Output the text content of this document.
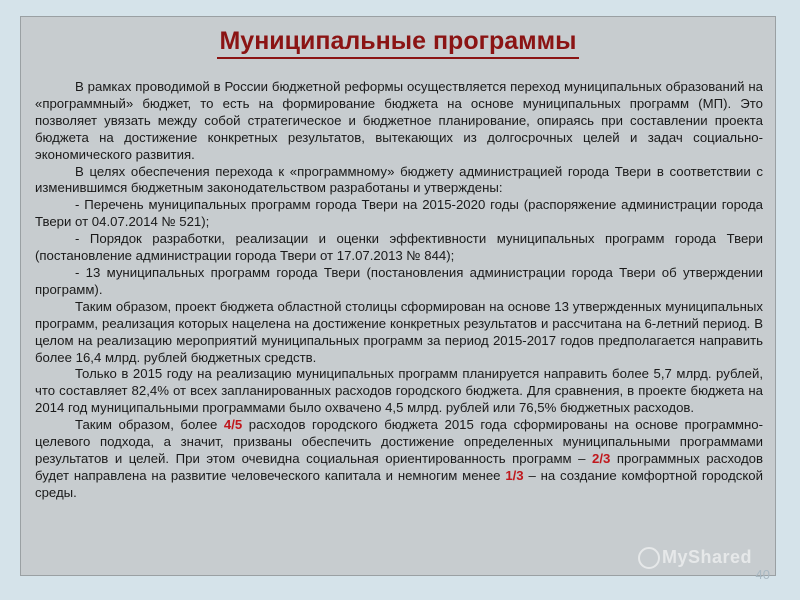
Муниципальные программы

В рамках проводимой в России бюджетной реформы осуществляется переход муниципальных образований на «программный» бюджет, то есть на формирование бюджета на основе муниципальных программ (МП). Это позволяет увязать между собой стратегическое и бюджетное планирование, опираясь при составлении проекта бюджета на достижение конкретных результатов, вытекающих из долгосрочных целей и задач социально-экономического развития.

В целях обеспечения перехода к «программному» бюджету администрацией города Твери в соответствии с изменившимся бюджетным законодательством разработаны и утверждены:

- Перечень муниципальных программ города Твери на 2015-2020 годы (распоряжение администрации города Твери от 04.07.2014 № 521);

- Порядок разработки, реализации и оценки эффективности муниципальных программ города Твери (постановление администрации города Твери от 17.07.2013 № 844);

- 13 муниципальных программ города Твери (постановления администрации города Твери об утверждении программ).

Таким образом, проект бюджета областной столицы сформирован на основе 13 утвержденных муниципальных программ, реализация которых нацелена на достижение конкретных результатов и рассчитана на 6-летний период. В целом на реализацию мероприятий муниципальных программ за период 2015-2017 годов предполагается направить более 16,4 млрд. рублей бюджетных средств.

Только в 2015 году на реализацию муниципальных программ планируется направить более 5,7 млрд. рублей, что составляет 82,4% от всех запланированных расходов городского бюджета. Для сравнения, в проекте бюджета на 2014 год муниципальными программами было охвачено 4,5 млрд. рублей или 76,5% бюджетных расходов.

Таким образом, более 4/5 расходов городского бюджета 2015 года сформированы на основе программно-целевого подхода, а значит, призваны обеспечить достижение определенных муниципальными программами результатов и целей. При этом очевидна социальная ориентированность программ – 2/3 программных расходов будет направлена на развитие человеческого капитала и немногим менее 1/3 – на создание комфортной городской среды.

MyShared
40
